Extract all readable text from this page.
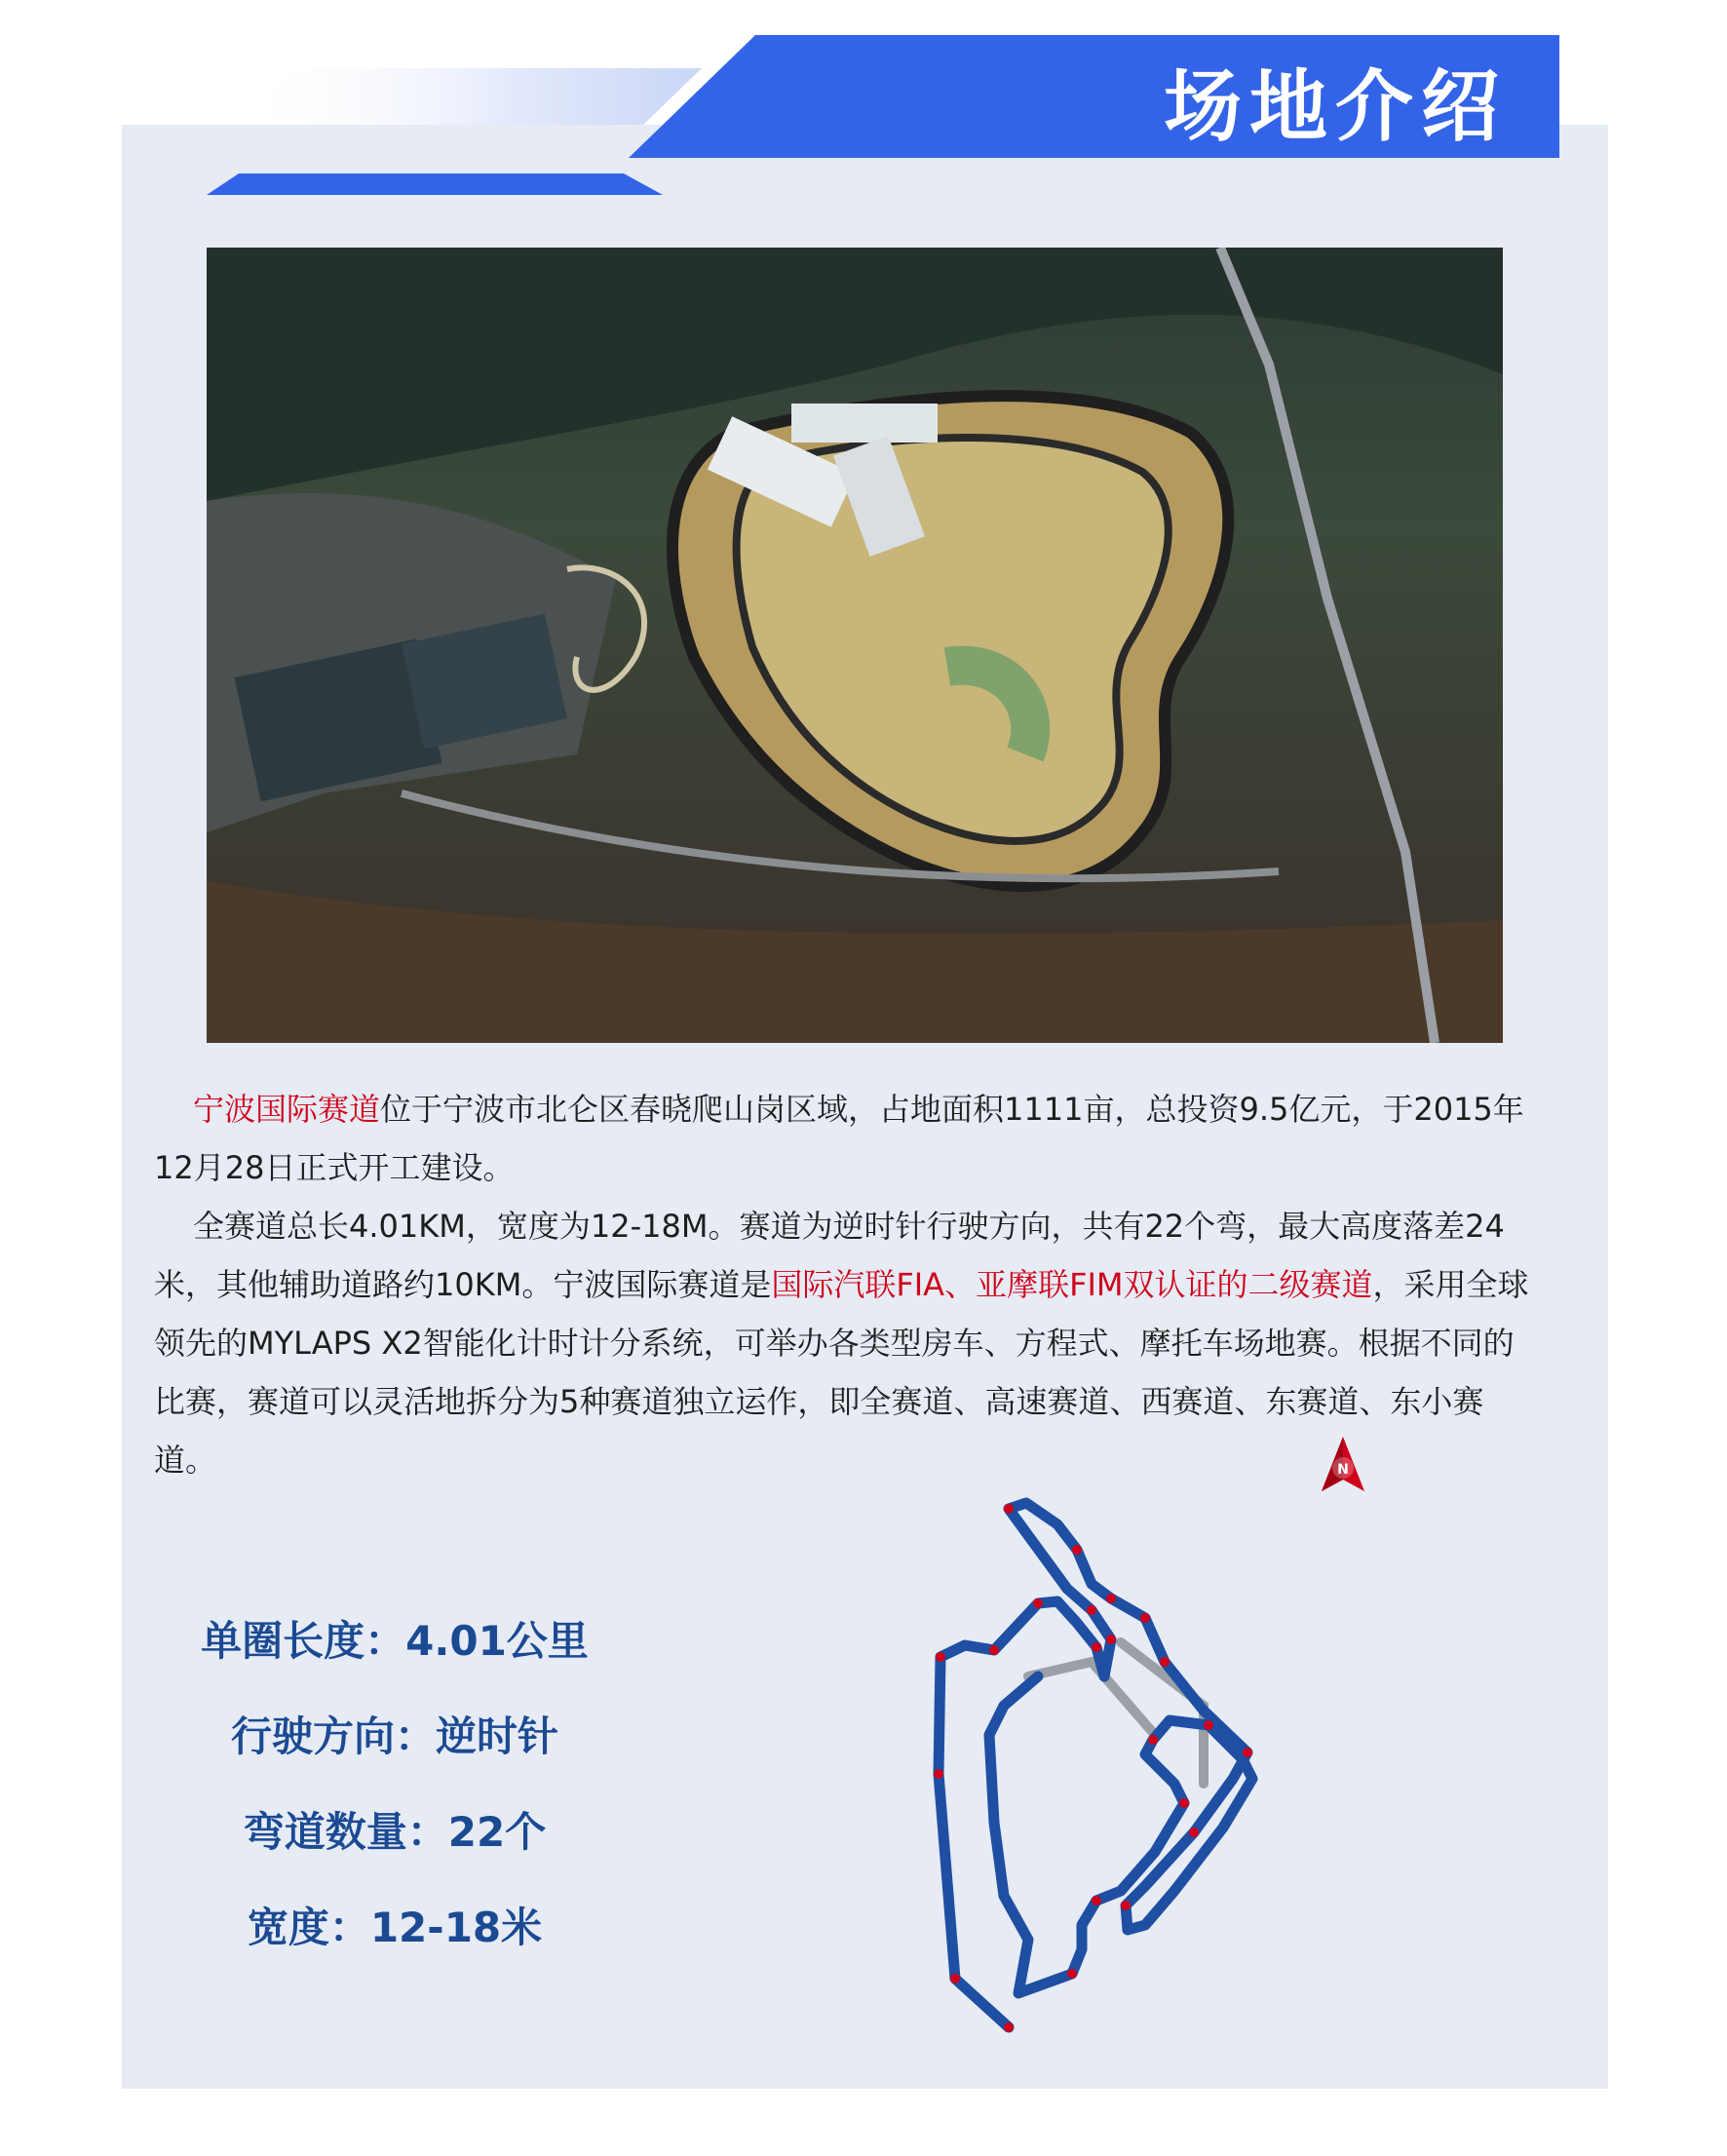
场地介绍

宁波国际赛道位于宁波市北仑区春晓爬山岗区域，占地面积1111亩，总投资9.5亿元，于2015年12月28日正式开工建设。

全赛道总长4.01KM，宽度为12-18M。赛道为逆时针行驶方向，共有22个弯，最大高度落差24米，其他辅助道路约10KM。宁波国际赛道是国际汽联FIA、亚摩联FIM双认证的二级赛道，采用全球领先的MYLAPS X2智能化计时计分系统，可举办各类型房车、方程式、摩托车场地赛。根据不同的比赛，赛道可以灵活地拆分为5种赛道独立运作，即全赛道、高速赛道、西赛道、东赛道、东小赛道。

单圈长度：4.01公里
行驶方向：逆时针
弯道数量：22个
宽度：12-18米
N
